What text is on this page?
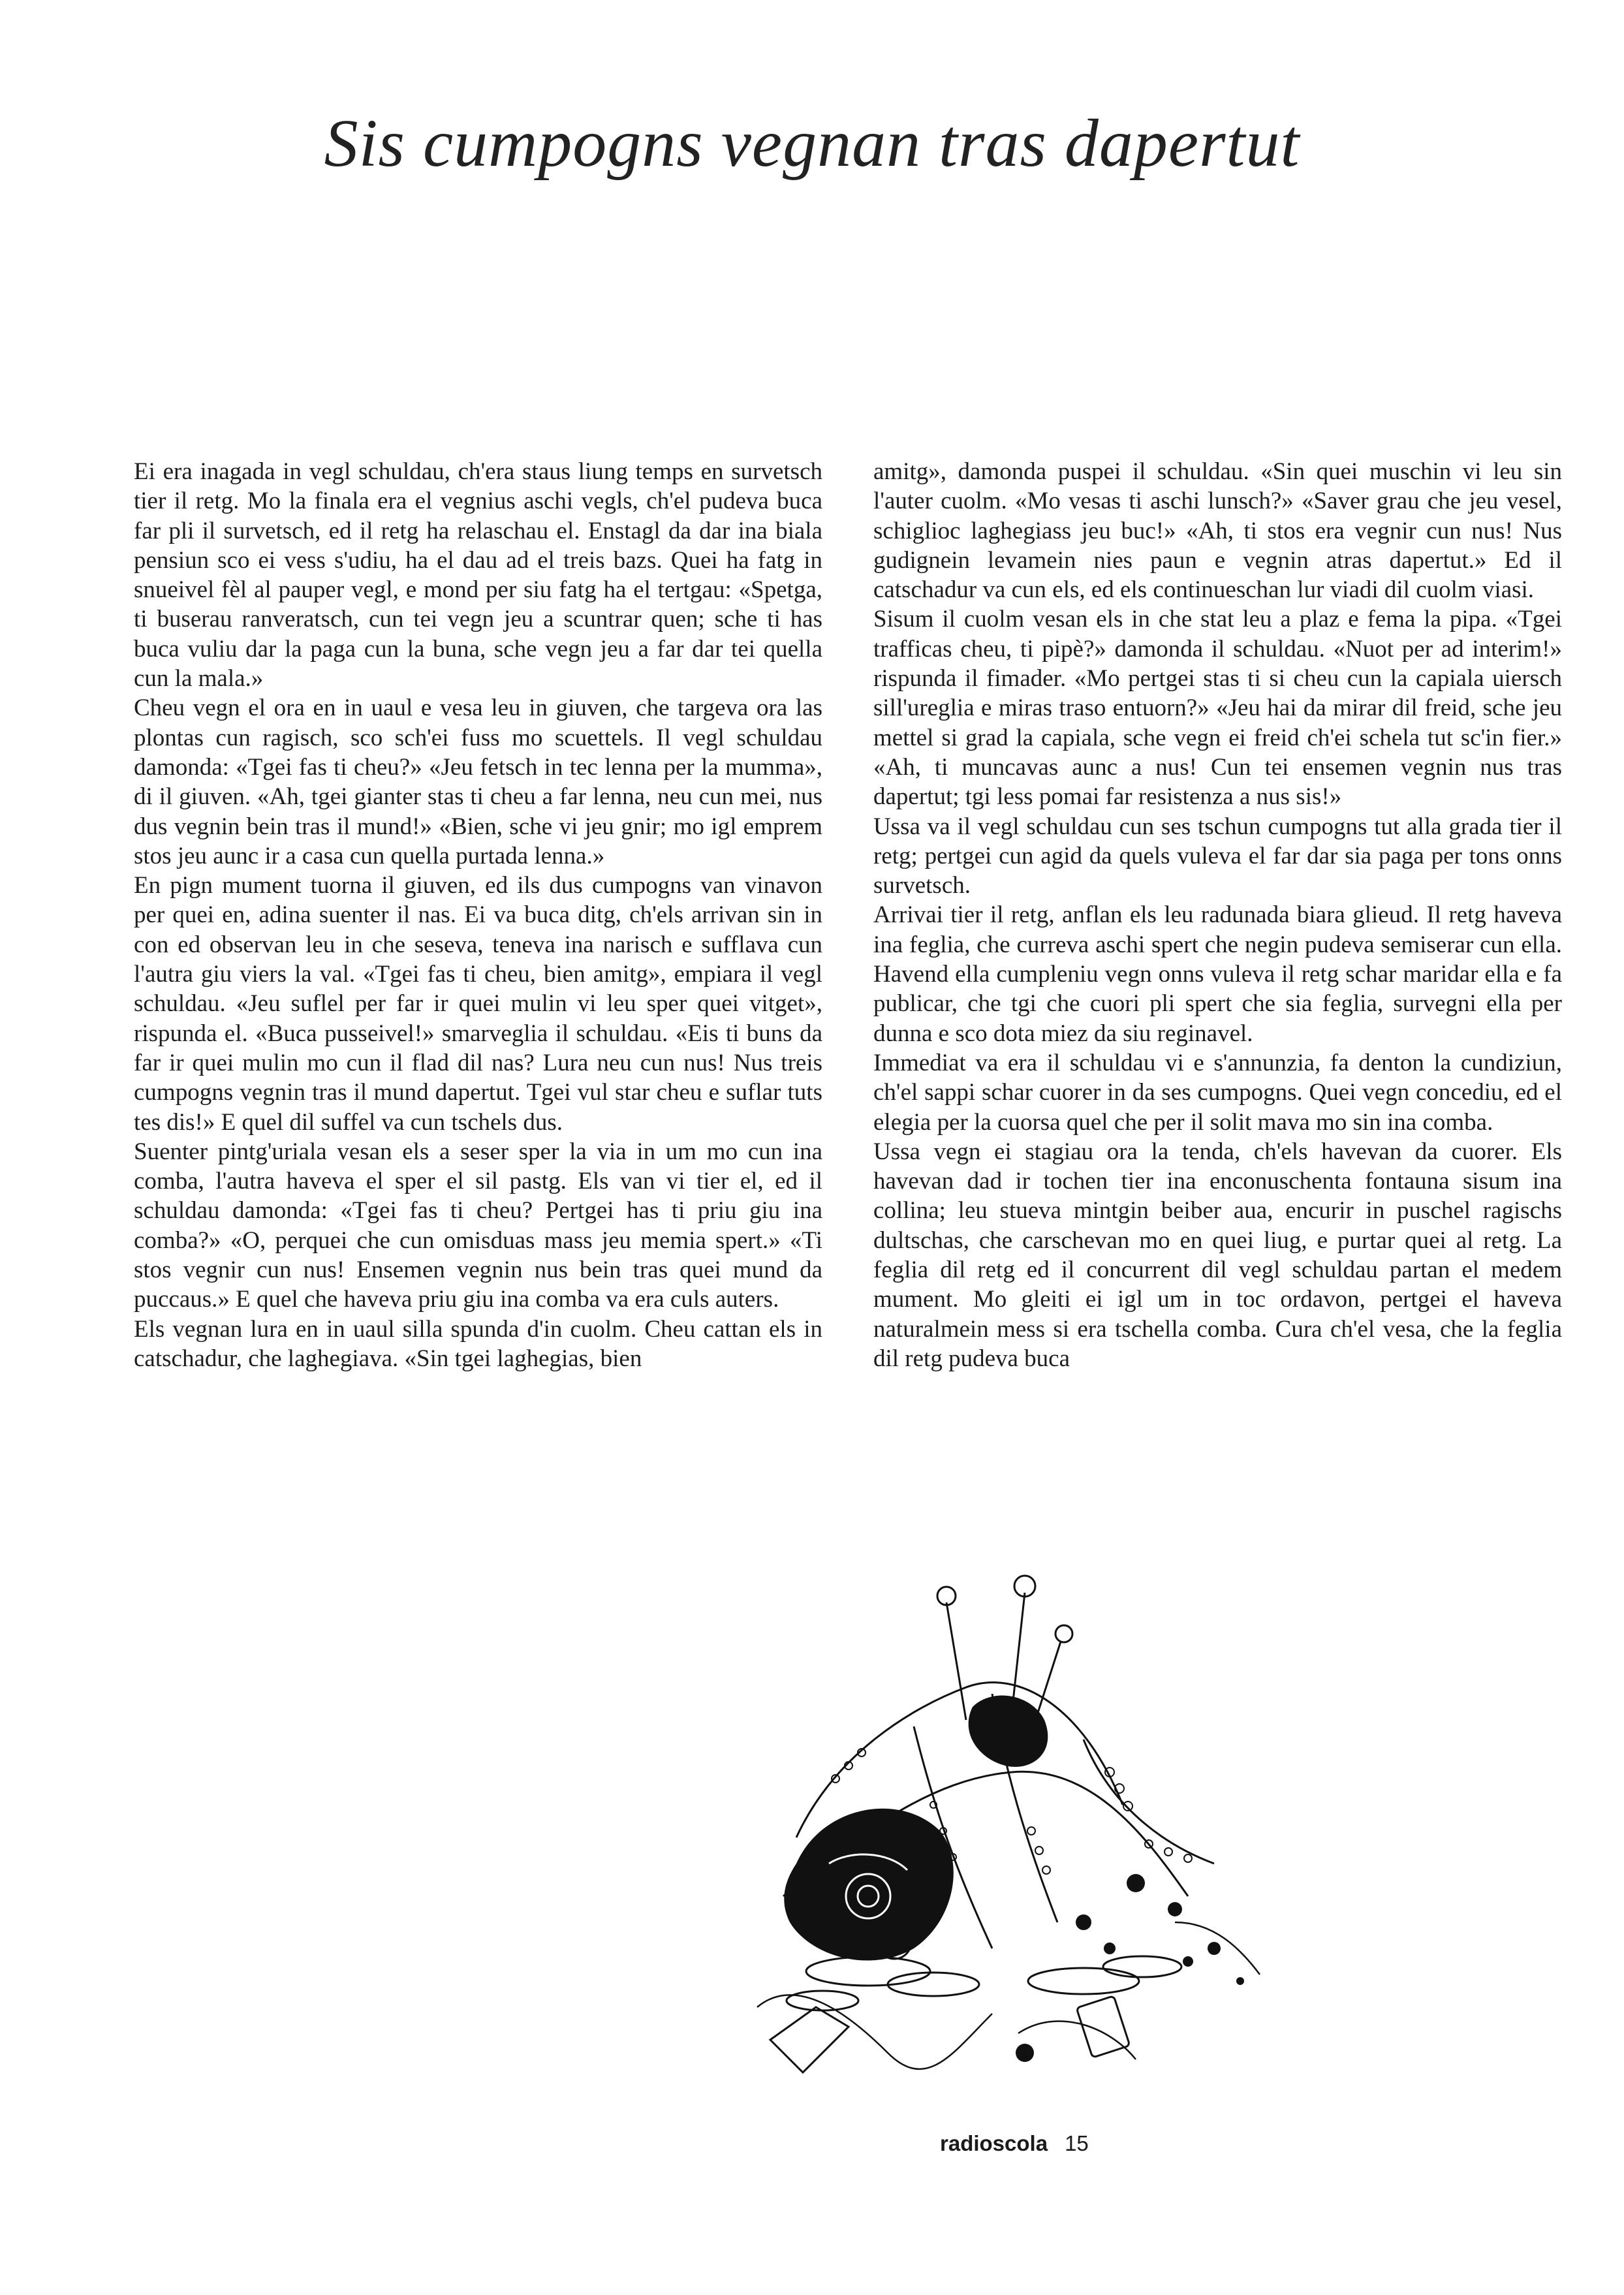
Sis cumpogns vegnan tras dapertut

Ei era inagada in vegl schuldau, ch'era staus liung temps en survetsch tier il retg. Mo la finala era el vegnius aschi vegls, ch'el pudeva buca far pli il survetsch, ed il retg ha relaschau el. Enstagl da dar ina biala pensiun sco ei vess s'udiu, ha el dau ad el treis bazs. Quei ha fatg in snueivel fèl al pauper vegl, e mond per siu fatg ha el tertgau: «Spetga, ti buserau ranveratsch, cun tei vegn jeu a scuntrar quen; sche ti has buca vuliu dar la paga cun la buna, sche vegn jeu a far dar tei quella cun la mala.»

Cheu vegn el ora en in uaul e vesa leu in giuven, che targeva ora las plontas cun ragisch, sco sch'ei fuss mo scuettels. Il vegl schuldau damonda: «Tgei fas ti cheu?» «Jeu fetsch in tec lenna per la mumma», di il giuven. «Ah, tgei gianter stas ti cheu a far lenna, neu cun mei, nus dus vegnin bein tras il mund!» «Bien, sche vi jeu gnir; mo igl emprem stos jeu aunc ir a casa cun quella purtada lenna.»

En pign mument tuorna il giuven, ed ils dus cumpogns van vinavon per quei en, adina suenter il nas. Ei va buca ditg, ch'els arrivan sin in con ed observan leu in che seseva, teneva ina narisch e sufflava cun l'autra giu viers la val. «Tgei fas ti cheu, bien amitg», empiara il vegl schuldau. «Jeu suflel per far ir quei mulin vi leu sper quei vitget», rispunda el. «Buca pusseivel!» smarveglia il schuldau. «Eis ti buns da far ir quei mulin mo cun il flad dil nas? Lura neu cun nus! Nus treis cumpogns vegnin tras il mund dapertut. Tgei vul star cheu e suflar tuts tes dis!» E quel dil suffel va cun tschels dus.

Suenter pintg'uriala vesan els a seser sper la via in um mo cun ina comba, l'autra haveva el sper el sil pastg. Els van vi tier el, ed il schuldau damonda: «Tgei fas ti cheu? Pertgei has ti priu giu ina comba?» «O, perquei che cun omisduas mass jeu memia spert.» «Ti stos vegnir cun nus! Ensemen vegnin nus bein tras quei mund da puccaus.» E quel che haveva priu giu ina comba va era culs auters.

Els vegnan lura en in uaul silla spunda d'in cuolm. Cheu cattan els in catschadur, che laghegiava. «Sin tgei laghegias, bien

amitg», damonda puspei il schuldau. «Sin quei muschin vi leu sin l'auter cuolm. «Mo vesas ti aschi lunsch?» «Saver grau che jeu vesel, schiglioc laghegiass jeu buc!» «Ah, ti stos era vegnir cun nus! Nus gudignein levamein nies paun e vegnin atras dapertut.» Ed il catschadur va cun els, ed els continueschan lur viadi dil cuolm viasi.

Sisum il cuolm vesan els in che stat leu a plaz e fema la pipa. «Tgei trafficas cheu, ti pipè?» damonda il schuldau. «Nuot per ad interim!» rispunda il fimader. «Mo pertgei stas ti si cheu cun la capiala uiersch sill'ureglia e miras traso entuorn?» «Jeu hai da mirar dil freid, sche jeu mettel si grad la capiala, sche vegn ei freid ch'ei schela tut sc'in fier.» «Ah, ti muncavas aunc a nus! Cun tei ensemen vegnin nus tras dapertut; tgi less pomai far resistenza a nus sis!»

Ussa va il vegl schuldau cun ses tschun cumpogns tut alla grada tier il retg; pertgei cun agid da quels vuleva el far dar sia paga per tons onns survetsch.

Arrivai tier il retg, anflan els leu radunada biara glieud. Il retg haveva ina feglia, che curreva aschi spert che negin pudeva semiserar cun ella. Havend ella cumpleniu vegn onns vuleva il retg schar maridar ella e fa publicar, che tgi che cuori pli spert che sia feglia, survegni ella per dunna e sco dota miez da siu reginavel.

Immediat va era il schuldau vi e s'annunzia, fa denton la cundiziun, ch'el sappi schar cuorer in da ses cumpogns. Quei vegn concediu, ed el elegia per la cuorsa quel che per il solit mava mo sin ina comba.

Ussa vegn ei stagiau ora la tenda, ch'els havevan da cuorer. Els havevan dad ir tochen tier ina enconuschenta fontauna sisum ina collina; leu stueva mintgin beiber aua, encurir in puschel ragischs dultschas, che carschevan mo en quei liug, e purtar quei al retg. La feglia dil retg ed il concurrent dil vegl schuldau partan el medem mument. Mo gleiti ei igl um in toc ordavon, pertgei el haveva naturalmein mess si era tschella comba. Cura ch'el vesa, che la feglia dil retg pudeva buca

radioscola 15
